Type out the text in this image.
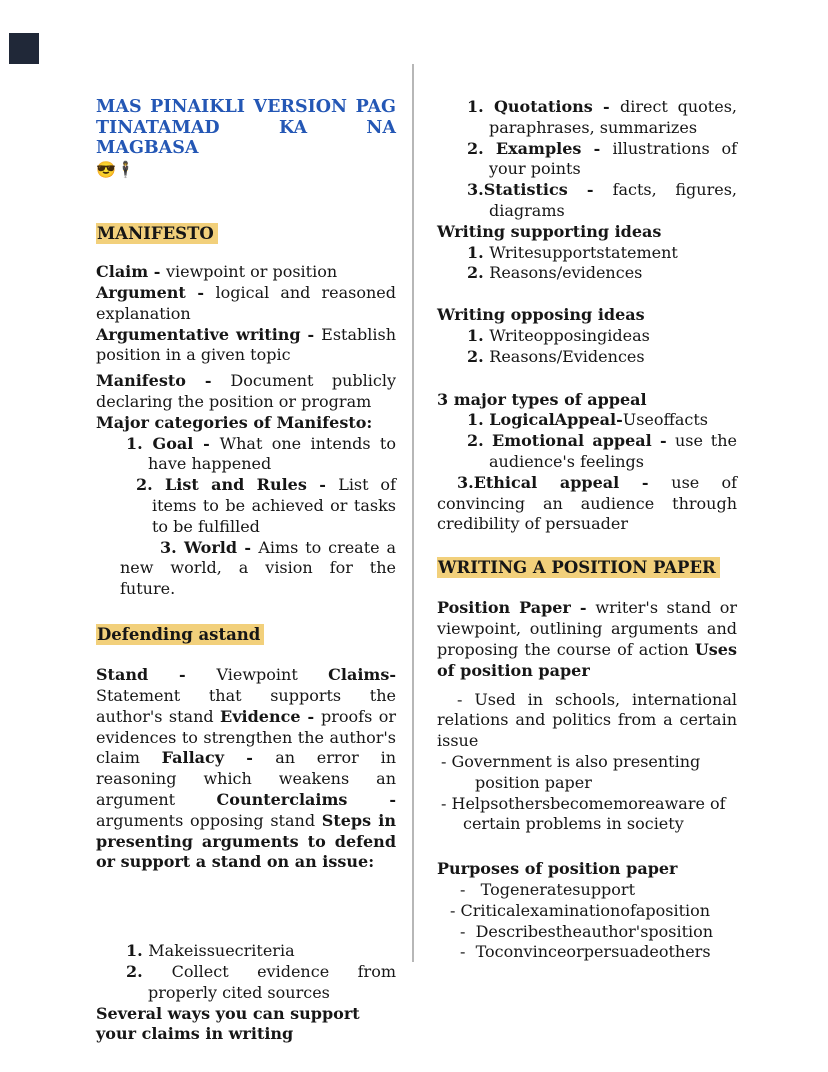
MAS PINAIKLI VERSION PAG TINATAMAD KA NA MAGBASA
😎🕴️
MANIFESTO
Claim - viewpoint or position
Argument - logical and reasoned explanation
Argumentative writing - Establish position in a given topic
Manifesto - Document publicly declaring the position or program
Major categories of Manifesto:
1. Goal - What one intends to have happened
2. List and Rules - List of items to be achieved or tasks to be fulfilled
3. World - Aims to create a new world, a vision for the future.
Defending astand
Stand - Viewpoint Claims- Statement that supports the author's stand Evidence - proofs or evidences to strengthen the author's claim Fallacy - an error in reasoning which weakens an argument Counterclaims - arguments opposing stand Steps in presenting arguments to defend or support a stand on an issue:
1. Makeissuecriteria
2. Collect evidence from properly cited sources
Several ways you can support your claims in writing
1. Quotations - direct quotes, paraphrases, summarizes
2. Examples - illustrations of your points
3.Statistics - facts, figures, diagrams
Writing supporting ideas
1. Writesupportstatement
2. Reasons/evidences
Writing opposing ideas
1. Writeopposingideas
2. Reasons/Evidences
3 major types of appeal
1. LogicalAppeal-Useoffacts
2. Emotional appeal - use the audience's feelings
3.Ethical appeal - use of convincing an audience through credibility of persuader
WRITING A POSITION PAPER
Position Paper - writer's stand or viewpoint, outlining arguments and proposing the course of action Uses of position paper
- Used in schools, international relations and politics from a certain issue
- Government is also presenting position paper
- Helpsothersbecomemoreaware of certain problems in society
Purposes of position paper
-   Togeneratesupport
- Criticalexaminationofaposition
-  Describestheauthor'sposition
-  Toconvinceorpersuadeothers
